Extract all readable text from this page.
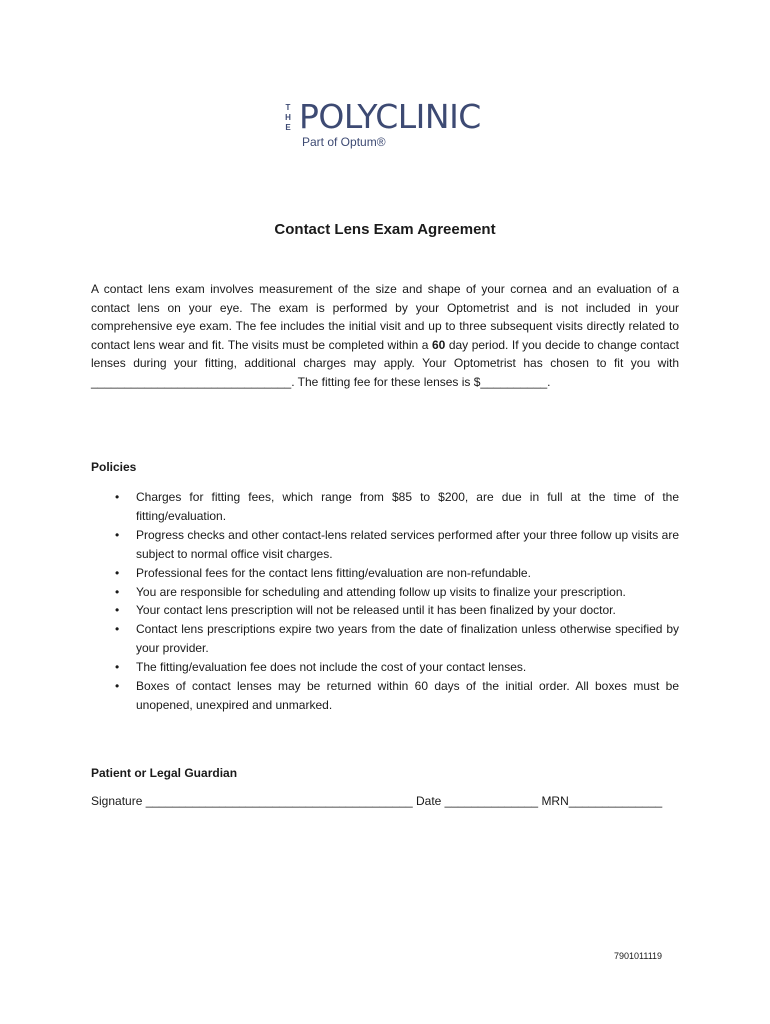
T
H
E POLYCLINIC
Part of Optum®
Contact Lens Exam Agreement
A contact lens exam involves measurement of the size and shape of your cornea and an evaluation of a contact lens on your eye. The exam is performed by your Optometrist and is not included in your comprehensive eye exam. The fee includes the initial visit and up to three subsequent visits directly related to contact lens wear and fit. The visits must be completed within a 60 day period. If you decide to change contact lenses during your fitting, additional charges may apply. Your Optometrist has chosen to fit you with ______________________________. The fitting fee for these lenses is $__________.
Policies
• Charges for fitting fees, which range from $85 to $200, are due in full at the time of the fitting/evaluation.
• Progress checks and other contact-lens related services performed after your three follow up visits are subject to normal office visit charges.
• Professional fees for the contact lens fitting/evaluation are non-refundable.
• You are responsible for scheduling and attending follow up visits to finalize your prescription.
• Your contact lens prescription will not be released until it has been finalized by your doctor.
• Contact lens prescriptions expire two years from the date of finalization unless otherwise specified by your provider.
• The fitting/evaluation fee does not include the cost of your contact lenses.
• Boxes of contact lenses may be returned within 60 days of the initial order. All boxes must be unopened, unexpired and unmarked.
Patient or Legal Guardian
Signature ________________________________________ Date ______________ MRN______________
7901011119
